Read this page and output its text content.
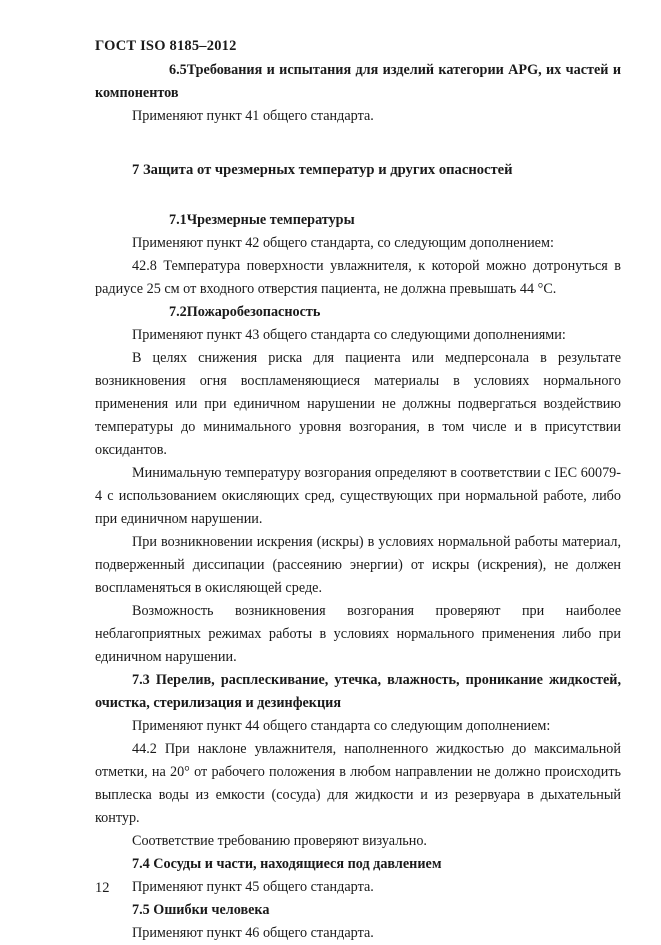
ГОСТ ISO 8185–2012

6.5Требования и испытания для изделий категории APG, их частей и компонентов

Применяют пункт 41 общего стандарта.

7 Защита от чрезмерных температур и других опасностей

7.1Чрезмерные температуры

Применяют пункт 42 общего стандарта, со следующим дополнением:

42.8 Температура поверхности увлажнителя, к которой можно дотронуться в радиусе 25 см от входного отверстия пациента, не должна превышать 44 °С.

7.2Пожаробезопасность

Применяют пункт 43 общего стандарта со следующими дополнениями:

В целях снижения риска для пациента или медперсонала в результате возникновения огня воспламеняющиеся материалы в условиях нормального применения или при единичном нарушении не должны подвергаться воздействию температуры до минимального уровня возгорания, в том числе и в присутствии оксидантов.

Минимальную температуру возгорания определяют в соответствии с IEC 60079-4 с использованием окисляющих сред, существующих при нормальной работе, либо при единичном нарушении.

При возникновении искрения (искры) в условиях нормальной работы материал, подверженный диссипации (рассеянию энергии) от искры (искрения), не должен воспламеняться в окисляющей среде.

Возможность возникновения возгорания проверяют при наиболее неблагоприятных режимах работы в условиях нормального применения либо при единичном нарушении.

7.3 Перелив, расплескивание, утечка, влажность, проникание жидкостей, очистка, стерилизация и дезинфекция

Применяют пункт 44 общего стандарта со следующим дополнением:

44.2 При наклоне увлажнителя, наполненного жидкостью до максимальной отметки, на 20° от рабочего положения в любом направлении не должно происходить выплеска воды из емкости (сосуда) для жидкости и из резервуара в дыхательный контур.

Соответствие требованию проверяют визуально.

7.4 Сосуды и части, находящиеся под давлением

Применяют пункт 45 общего стандарта.

7.5 Ошибки человека

Применяют пункт 46 общего стандарта.

12
